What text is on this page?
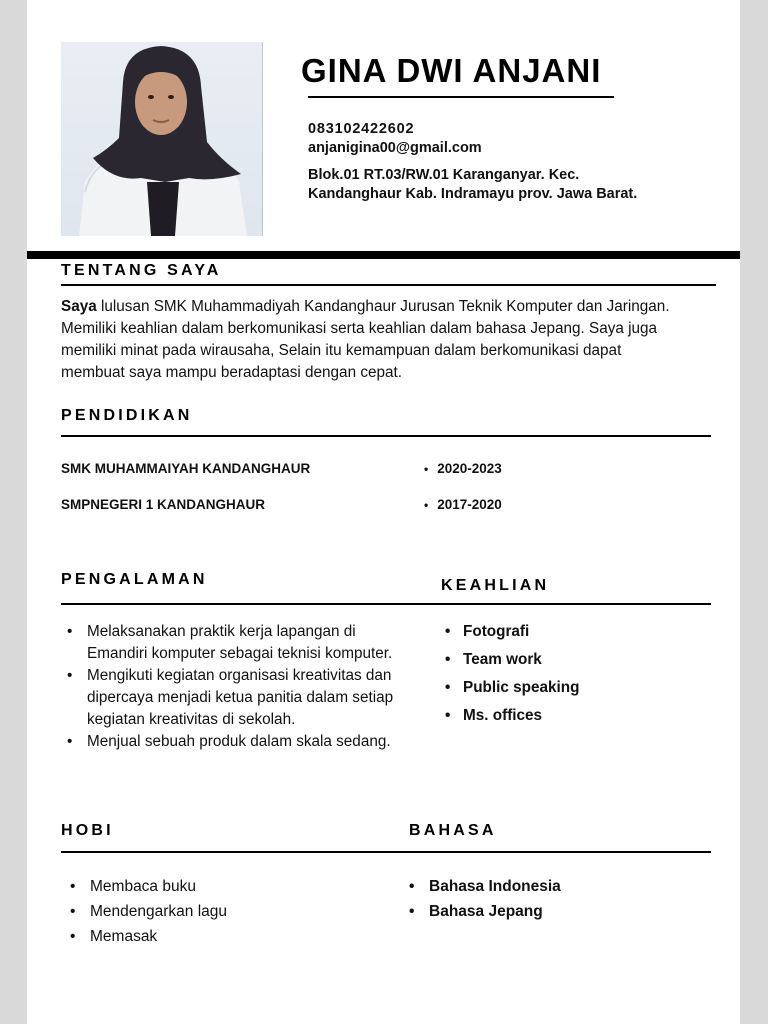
GINA DWI ANJANI
083102422602
anjanigina00@gmail.com
Blok.01 RT.03/RW.01 Karanganyar. Kec.
Kandanghaur Kab. Indramayu prov. Jawa Barat.
TENTANG SAYA
Saya lulusan SMK Muhammadiyah Kandanghaur Jurusan Teknik Komputer dan Jaringan. Memiliki keahlian dalam berkomunikasi serta keahlian dalam bahasa Jepang. Saya juga memiliki minat pada wirausaha, Selain itu kemampuan dalam berkomunikasi dapat membuat saya mampu beradaptasi dengan cepat.
PENDIDIKAN
SMK MUHAMMAIYAH KANDANGHAUR	• 2020-2023
SMPNEGERI 1 KANDANGHAUR	• 2017-2020
PENGALAMAN	KEAHLIAN
• Melaksanakan praktik kerja lapangan di Emandiri komputer sebagai teknisi komputer.
• Mengikuti kegiatan organisasi kreativitas dan dipercaya menjadi ketua panitia dalam setiap kegiatan kreativitas di sekolah.
• Menjual sebuah produk dalam skala sedang.
• Fotografi
• Team work
• Public speaking
• Ms. offices
HOBI	BAHASA
• Membaca buku
• Mendengarkan lagu
• Memasak
• Bahasa Indonesia
• Bahasa Jepang
